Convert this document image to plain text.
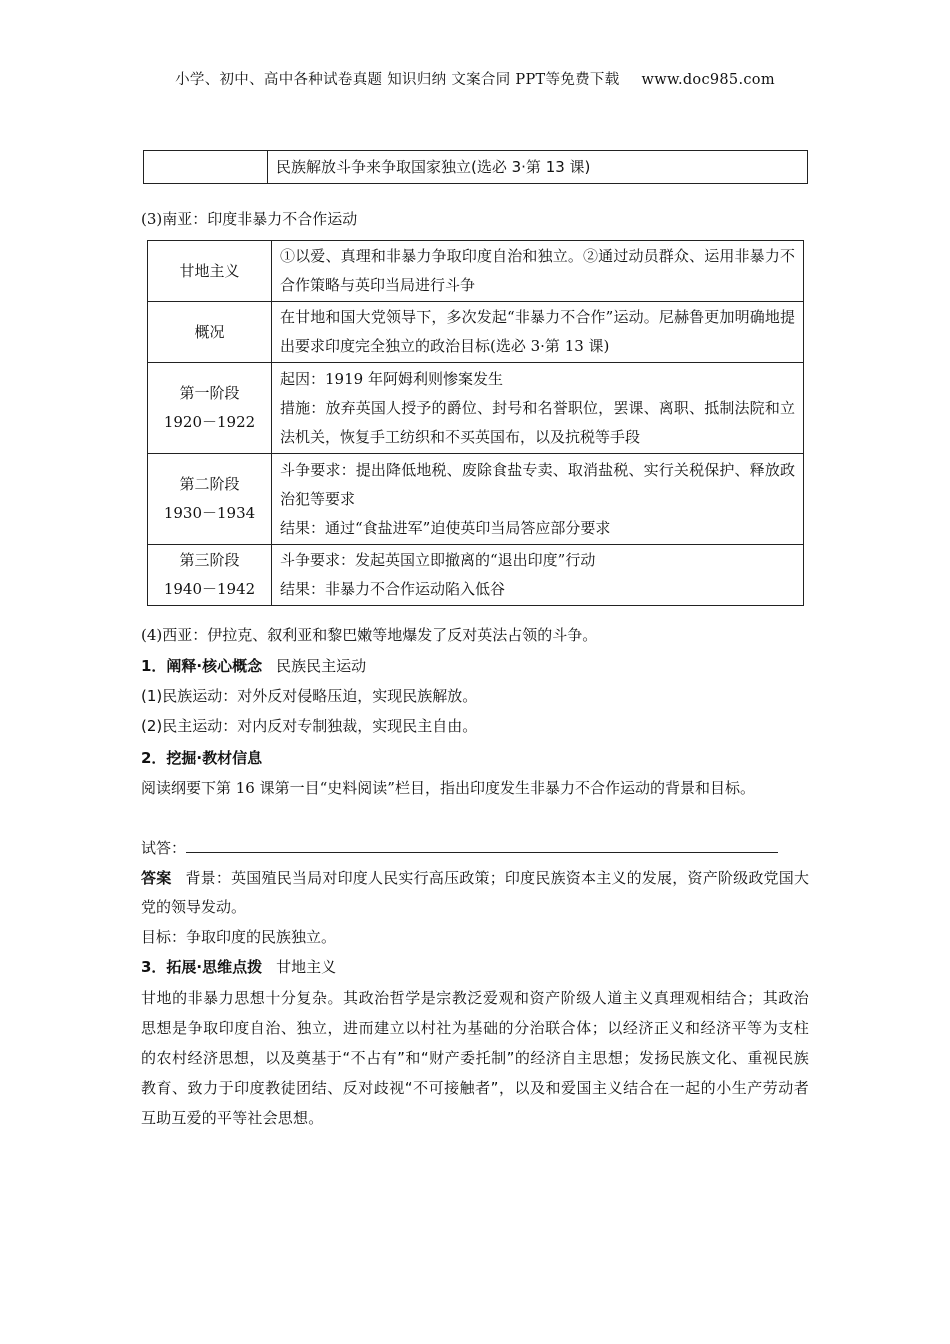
小学、初中、高中各种试卷真题 知识归纳 文案合同 PPT等免费下载 www.doc985.com
	民族解放斗争来争取国家独立(选必 3·第 13 课)
(3)南亚：印度非暴力不合作运动
甘地主义	①以爱、真理和非暴力争取印度自治和独立。②通过动员群众、运用非暴力不合作策略与英印当局进行斗争

概况	在甘地和国大党领导下，多次发起“非暴力不合作”运动。尼赫鲁更加明确地提出要求印度完全独立的政治目标(选必 3·第 13 课)

第一阶段
1920－1922	起因：1919 年阿姆利则惨案发生
措施：放弃英国人授予的爵位、封号和名誉职位，罢课、离职、抵制法院和立法机关，恢复手工纺织和不买英国布，以及抗税等手段

第二阶段
1930－1934	斗争要求：提出降低地税、废除食盐专卖、取消盐税、实行关税保护、释放政治犯等要求
结果：通过“食盐进军”迫使英印当局答应部分要求

第三阶段
1940－1942	斗争要求：发起英国立即撤离的“退出印度”行动
结果：非暴力不合作运动陷入低谷
(4)西亚：伊拉克、叙利亚和黎巴嫩等地爆发了反对英法占领的斗争。
1．阐释·核心概念 民族民主运动
(1)民族运动：对外反对侵略压迫，实现民族解放。
(2)民主运动：对内反对专制独裁，实现民主自由。
2．挖掘·教材信息
阅读纲要下第 16 课第一目“史料阅读”栏目，指出印度发生非暴力不合作运动的背景和目标。
试答：
答案 背景：英国殖民当局对印度人民实行高压政策；印度民族资本主义的发展，资产阶级政党国大党的领导发动。
目标：争取印度的民族独立。
3．拓展·思维点拨 甘地主义
甘地的非暴力思想十分复杂。其政治哲学是宗教泛爱观和资产阶级人道主义真理观相结合；其政治思想是争取印度自治、独立，进而建立以村社为基础的分治联合体；以经济正义和经济平等为支柱的农村经济思想，以及奠基于“不占有”和“财产委托制”的经济自主思想；发扬民族文化、重视民族教育、致力于印度教徒团结、反对歧视“不可接触者”，以及和爱国主义结合在一起的小生产劳动者互助互爱的平等社会思想。
